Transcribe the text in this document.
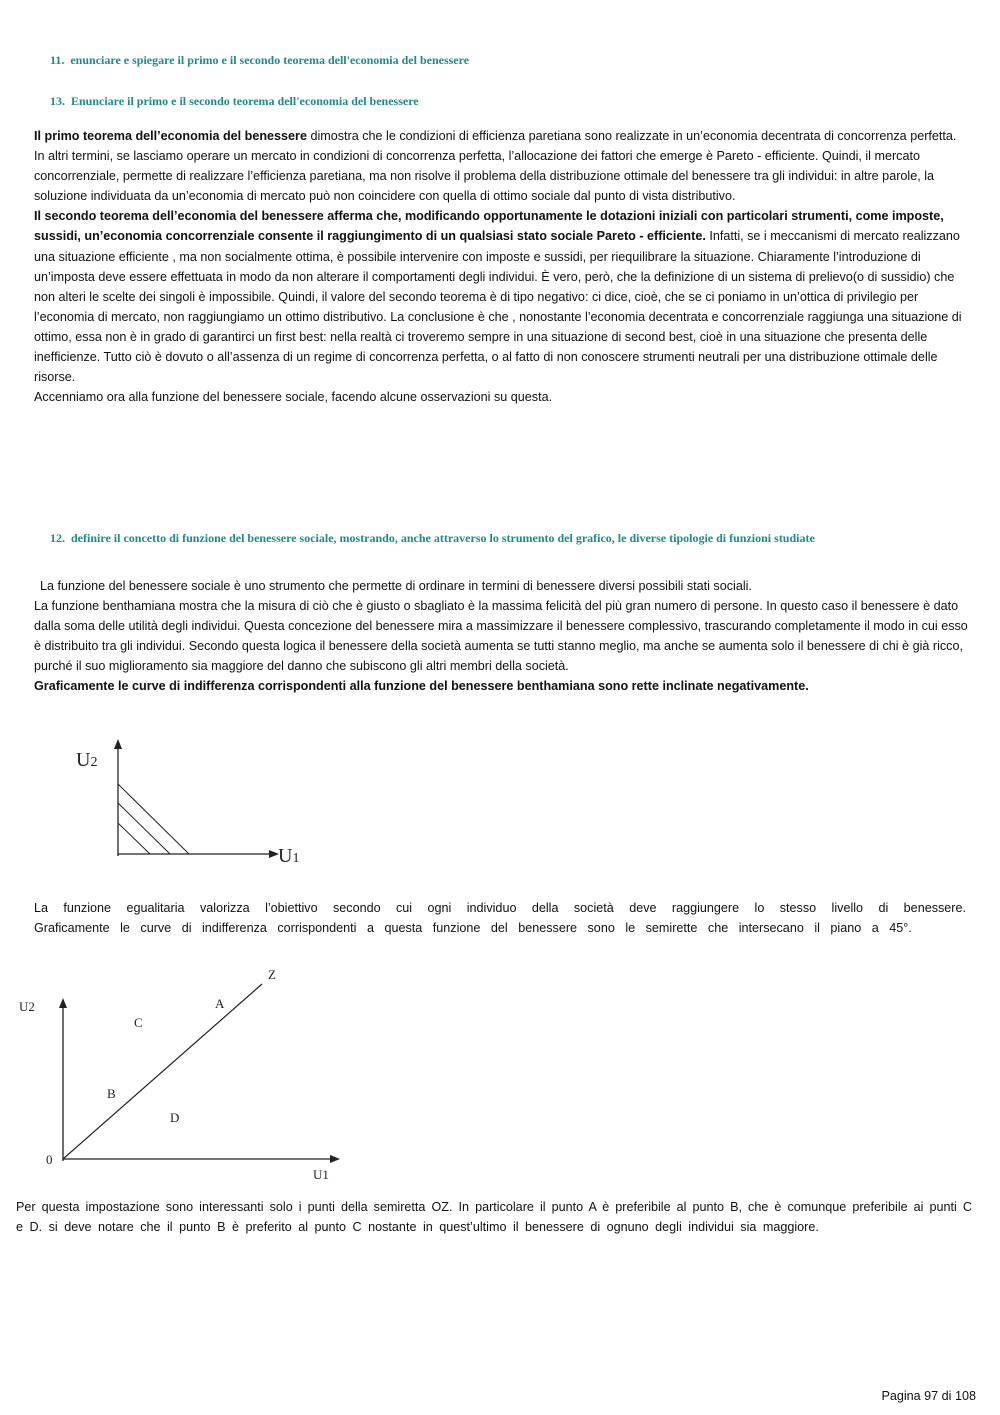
11. enunciare e spiegare il primo e il secondo teorema dell'economia del benessere
13. Enunciare il primo e il secondo teorema dell'economia del benessere
Il primo teorema dell’economia del benessere dimostra che le condizioni di efficienza paretiana sono realizzate in un’economia decentrata di concorrenza perfetta. In altri termini, se lasciamo operare un mercato in condizioni di concorrenza perfetta, l’allocazione dei fattori che emerge è Pareto - efficiente. Quindi, il mercato concorrenziale, permette di realizzare l’efficienza paretiana, ma non risolve il problema della distribuzione ottimale del benessere tra gli individui: in altre parole, la soluzione individuata da un’economia di mercato può non coincidere con quella di ottimo sociale dal punto di vista distributivo.
Il secondo teorema dell’economia del benessere afferma che, modificando opportunamente le dotazioni iniziali con particolari strumenti, come imposte, sussidi, un’economia concorrenziale consente il raggiungimento di un qualsiasi stato sociale Pareto - efficiente. Infatti, se i meccanismi di mercato realizzano una situazione efficiente , ma non socialmente ottima, è possibile intervenire con imposte e sussidi, per riequilibrare la situazione. Chiaramente l’introduzione di un’imposta deve essere effettuata in modo da non alterare il comportamenti degli individui. È vero, però, che la definizione di un sistema di prelievo(o di sussidio) che non alteri le scelte dei singoli è impossibile. Quindi, il valore del secondo teorema è di tipo negativo: ci dice, cioè, che se ci poniamo in un’ottica di privilegio per l’economia di mercato, non raggiungiamo un ottimo distributivo. La conclusione è che , nonostante l’economia decentrata e concorrenziale raggiunga una situazione di ottimo, essa non è in grado di garantirci un first best: nella realtà ci troveremo sempre in una situazione di second best, cioè in una situazione che presenta delle inefficienze. Tutto ciò è dovuto o all’assenza di un regime di concorrenza perfetta, o al fatto di non conoscere strumenti neutrali per una distribuzione ottimale delle risorse.
Accenniamo ora alla funzione del benessere sociale, facendo alcune osservazioni su questa.
12. definire il concetto di funzione del benessere sociale, mostrando, anche attraverso lo strumento del grafico, le diverse tipologie di funzioni studiate
La funzione del benessere sociale è uno strumento che permette di ordinare in termini di benessere diversi possibili stati sociali.
La funzione benthamiana mostra che la misura di ciò che è giusto o sbagliato è la massima felicità del più gran numero di persone. In questo caso il benessere è dato dalla soma delle utilità degli individui. Questa concezione del benessere mira a massimizzare il benessere complessivo, trascurando completamente il modo in cui esso è distribuito tra gli individui. Secondo questa logica il benessere della società aumenta se tutti stanno meglio, ma anche se aumenta solo il benessere di chi è già ricco, purché il suo miglioramento sia maggiore del danno che subiscono gli altri membri della società.
Graficamente le curve di indifferenza corrispondenti alla funzione del benessere benthamiana sono rette inclinate negativamente.
U2
U1
La funzione egualitaria valorizza l’obiettivo secondo cui ogni individuo della società deve raggiungere lo stesso livello di benessere.
Graficamente le curve di indifferenza corrispondenti a questa funzione del benessere sono le semirette che intersecano il piano a 45°.
U2
U1
0
Z
A
B
C
D
Per questa impostazione sono interessanti solo i punti della semiretta OZ. In particolare il punto A è preferibile al punto B, che è comunque preferibile ai punti C
e D. si deve notare che il punto B è preferito al punto C nostante in quest’ultimo il benessere di ognuno degli individui sia maggiore.
Pagina 97 di 108
